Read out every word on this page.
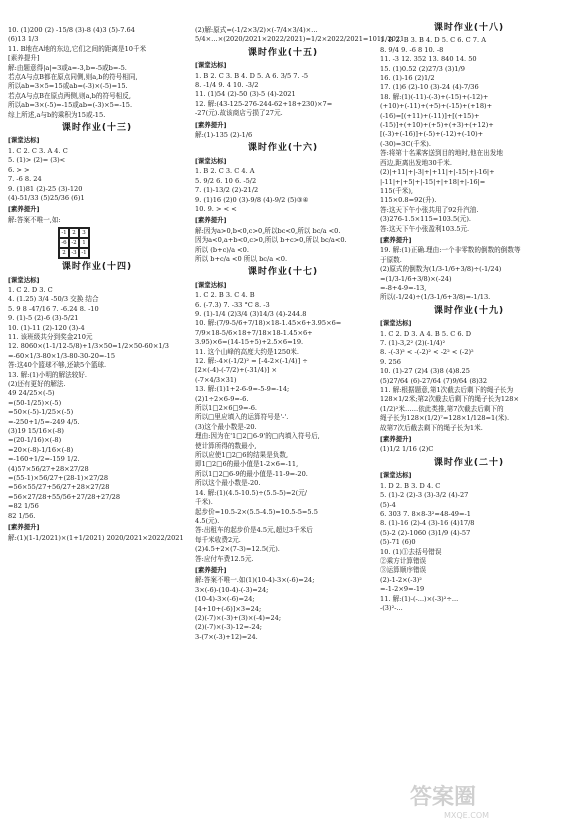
10. (1)200 (2) -15/8 (3)-8 (4)3 (5)-7.64

(6)13 1/3

11. B地在A地的东边,它们之间的距离是10千米

[素养提升]

解:由题意得|a|=3或a=-3,b=-5或b=-5.

若点A与点B都在原点同侧,则a,b的符号相同,

所以ab=3×5=15或ab=(-3)×(-5)=15.

若点A与点B在原点两侧,则a,b的符号相反,

所以ab=3×(-5)=-15或ab=(-3)×5=-15.

综上所述,a与b的乘积为15或-15.

课时作业(十三)

[课堂达标]

1. C 2. C 3. A 4. C

5. (1)> (2)= (3)<

6. > >

7. -6 8. 24

9. (1)81 (2)-25 (3)-120

(4)-51/33 (5)25/36 (6)1

[素养提升]

解:答案不唯一,如:

-1	2	3
-6 -2	1
2	-3 -1

课时作业(十四)

[课堂达标]

1. C 2. D 3. C

4. (1.25) 3/4 -50/3 交换 结合

5. 9 8 -47/16 7. -6.24 8. -10

9. (1)-5 (2)-6 (3)-5/21

10. (1)-11 (2)-120 (3)-4

11. 该班级共分到奖金210元

12. 8060×(1-1/12-5/8)+1/3×50=1/2×50-60×1/3

=-60×1/3-80×1/3-80-30-20=-15

答:这40个篮球不够,还缺5个篮球.

13. 解:(1)小明的解法较好.

(2)还有更好的解法.

49 24/25×(-5)

=(50-1/25)×(-5)

=50×(-5)-1/25×(-5)

=-250+1/5=-249 4/5.

(3)19 15/16×(-8)

=(20-1/16)×(-8)

=20×(-8)-1/16×(-8)

=-160+1/2=-159 1/2.

(4)57×56/27+28×27/28

=(55-1)×56/27+(28-1)×27/28

=56×55/27+56/27+28×27/28

=56×27/28+55/56+27/28+27/28

=82 1/56

82 1/56.

[素养提升]

解:(1)(1-1/2021)×(1+1/2021) 2020/2021×2022/2021

(2)解:原式=(-1/2×3/2)×(-7/4×3/4)×…

5/4×…×(2020/2021×2022/2021)=1/2×2022/2021=1011/2021

课时作业(十五)

[课堂达标]

1. B 2. C 3. B 4. D 5. A 6. 3/5 7. -5

8. -1/4 9. 4 10. -3/2

11. (1)54 (2)-50 (3)-5 (4)-2021

12. 解:(43-125-276-244-62+18+230)×7=

-27(元).故该商店亏损了27元.

[素养提升]

解:(1)-135 (2)-1/6

课时作业(十六)

[课堂达标]

1. B 2. C 3. C 4. A

5. 9/2 6. 10 6. -5/2

7. (1)-13/2 (2)-21/2

9. (1)16 (2)0 (3)-9/8 (4)-9/2 (5)③④

10. 9. > < <

[素养提升]

解:因为a>0,b<0,c>0,所以bc<0,所以 bc/a <0.

因为a<0,a+b<0,c>0,所以 b+c>0,所以 bc/a<0.

所以 (b+c)/a <0.

所以 b+c/a <0 所以 bc/a <0.

课时作业(十七)

[课堂达标]

1. C 2. B 3. C 4. B

6. (-7.3) 7. -33 °C 8. -3

9. (1)-1/4 (2)3/4 (3)14/3 (4)-244.8

10. 解:(7/9-5/6+7/18)×18-1.45×6+3.95×6=

7/9×18-5/6×18+7/18×18-1.45×6+

3.95)×6=(14-15+5)+2.5×6=19.

11. 这个山峰的高度大约是1250米.

12. 解:-4×(-1/2)² = [-4-2×(-1/4)] ÷

[2×(-4)-(-7/2)+(-31/4)] ×

(-7×4/3×31)

13. 解:(1)1+2-6-9=-5-9=-14;

(2)1÷2×6-9=-6.

所以1□2×6□9=-6.

所以□里应填入的运算符号是'-'.

(3)这个最小数是-20.

理由:因为在'1□2□6-9'的□内填入符号后,

使计算所得的数最小,

所以应使1□2□6的结果是负数,

即1□2□6的最小值是1-2×6=-11,

所以1□2□6-9的最小值是-11-9=-20.

所以这个最小数是-20.

14. 解:(1)(4.5-10.5)÷(5.5-5)=2(元/

千米).

起步价=10.5-2×(5.5-4.5)=10.5-5=5.5

4.5(元).

答:出租车的起步价是4.5元,超过3千米后

每千米收费2元.

(2)4.5+2×(7-3)=12.5(元).

答:应付车费12.5元.

[素养提升]

解:答案不唯一.如(1)(10-4)-3×(-6)=24;

3×(-6)-(10-4)-(-3)=24;

(10-4)-3×(-6)=24;

[4+10+(-6)]×3=24;

(2)(-7)×(-3)+(3)×(-4)=24;

(2)(-7)×(-3)-12=-24;

3-(7×(-3)+12)=24.

课时作业(十八)

1. B 2. B 3. B 4. D 5. C 6. C 7. A

8. 9/4 9. -6 8 10. -8

11. -3 12. 352 13. 840 14. 50

15. (1)0.52 (2)27/3 (3)1/9

16. (1)-16 (2)1/2

17. (1)6 (2)-10 (3)-24 (4)-7/36

18. 解:(1)(-11)-(-3)+(-15)+(-12)+

(+10)+(-11)+(+5)+(-15)+(+18)+

(-16)=[(+11)+(-11)]+[(+15)+

(-15)]+(+10)+(+5)+(+3)+(+12)+

[(-3)+(-16)]+(-5)+(-12)+(-10)+

(-30)=3C(千米).

答:将第十名乘客送到目的地时,他在出发地

西边,距离出发地30千米.

(2)|+11|+|-3|+|+11|+|-15|+|-16|+

|-11|+|+5|+|-15|+|+18|+|-16|=

115(千米),

115×0.8=92(升).

答:这天下午小张共用了92升汽油.

(3)276-1.5×115=103.5(元).

答:这天下午小张盈利103.5元.

[素养提升]

19. 解:(1)正确.理由:一个非零数的倒数的倒数等

于原数.

(2)原式的倒数为(1/3-1/6+3/8)÷(-1/24)

=(1/3-1/6+3/8)×(-24)

=-8+4-9=-13,

所以(-1/24)÷(1/3-1/6+3/8)=-1/13.

课时作业(十九)

[课堂达标]

1. C 2. D 3. A 4. B 5. C 6. D

7. (1)-3,2² (2)(-1/4)²

8. -(-3)² < -(-2)² < -2² < (-2)²

9. 256

10. (1)-27 (2)4 (3)8 (4)8.25

(5)27/64 (6)-27/64 (7)9/64 (8)32

11. 解:根据题意,第1次截去后剩下的绳子长为

128×1/2米;第2次截去后剩下的绳子长为128×

(1/2)²米……依此类推,第7次截去后剩下的

绳子长为128×(1/2)⁷=128×1/128=1(米).

故第7次后截去剩下的绳子长为1米.

[素养提升]

(1)1/2 1/16 (2)C

课时作业(二十)

[课堂达标]

1. D 2. B 3. D 4. C

5. (1)-2 (2)-3 (3)-3/2 (4)-27

(5)-4

6. 303 7. 8×8-3²=48-49=-1

8. (1)-16 (2)-4 (3)-16 (4)17/8

(5)-2 (2)-1060 (3)1/9 (4)-57

(5)-71 (6)0

10. (1)①去括号错误

②乘方计算错误

③运算顺序错误

(2)-1-2×(-3)²

=-1-2×9=-19

11. 解:(1)-(-...)×(-3)²÷...

-(3)²-...

答案圈
MXQE.COM
